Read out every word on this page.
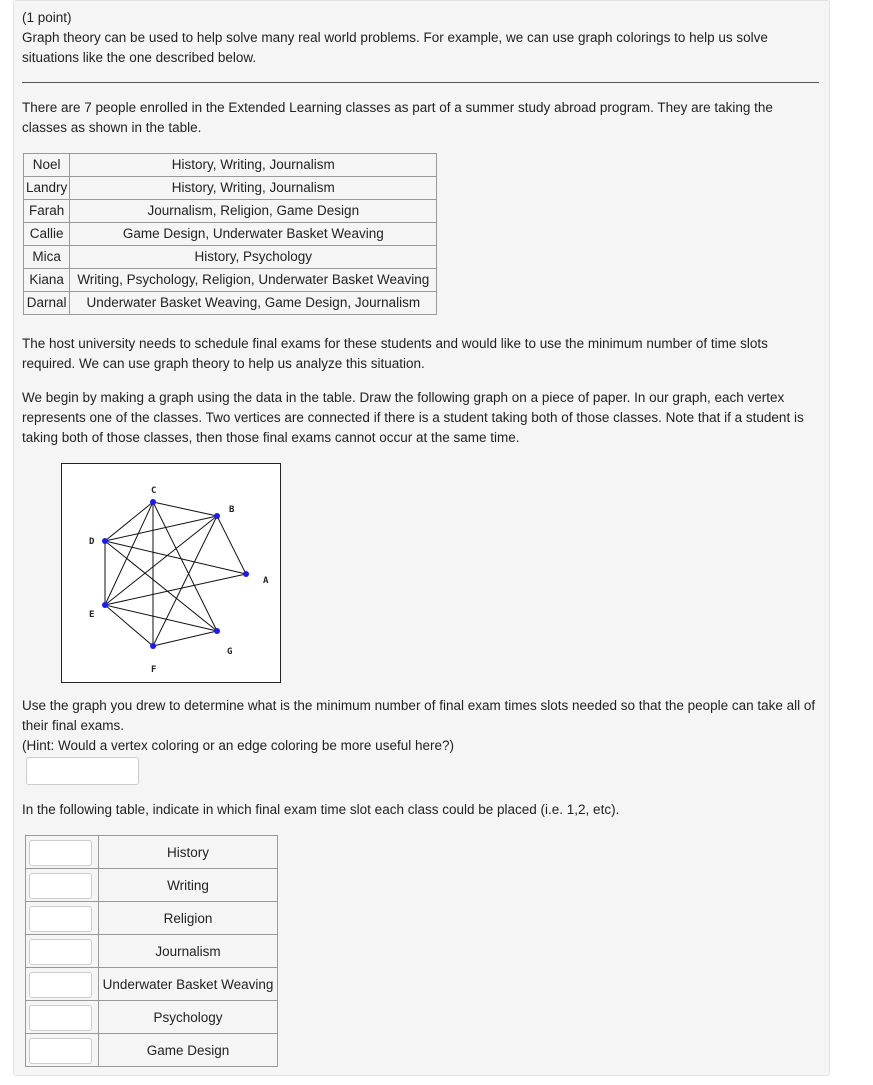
(1 point)
Graph theory can be used to help solve many real world problems. For example, we can use graph colorings to help us solve situations like the one described below.
There are 7 people enrolled in the Extended Learning classes as part of a summer study abroad program. They are taking the classes as shown in the table.
Noel	History, Writing, Journalism
Landry	History, Writing, Journalism
Farah	Journalism, Religion, Game Design
Callie	Game Design, Underwater Basket Weaving
Mica	History, Psychology
Kiana	Writing, Psychology, Religion, Underwater Basket Weaving
Darnal	Underwater Basket Weaving, Game Design, Journalism
The host university needs to schedule final exams for these students and would like to use the minimum number of time slots required. We can use graph theory to help us analyze this situation.
We begin by making a graph using the data in the table. Draw the following graph on a piece of paper. In our graph, each vertex represents one of the classes. Two vertices are connected if there is a student taking both of those classes. Note that if a student is taking both of those classes, then those final exams cannot occur at the same time.
A
B
C
D
E
F
G
Use the graph you drew to determine what is the minimum number of final exam times slots needed so that the people can take all of their final exams.
(Hint: Would a vertex coloring or an edge coloring be more useful here?)
In the following table, indicate in which final exam time slot each class could be placed (i.e. 1,2, etc).
	History

	Writing

	Religion

	Journalism

	Underwater Basket Weaving

	Psychology

	Game Design
